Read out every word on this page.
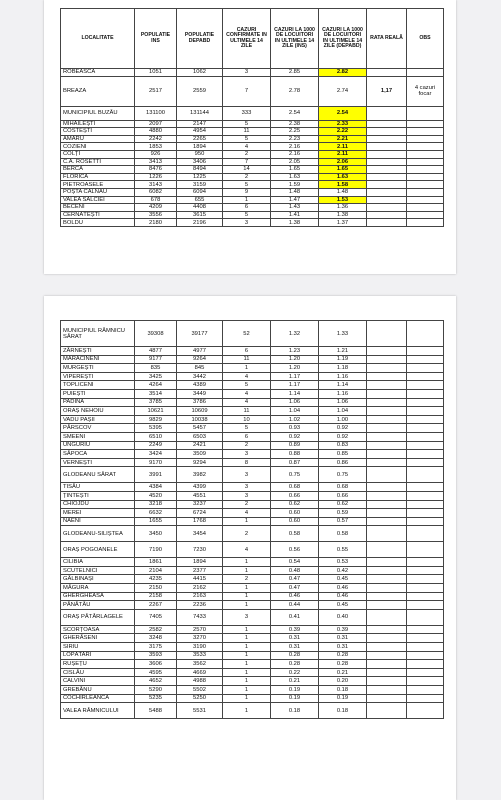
LOCALITATE	POPULATIE INS	POPULATIE DEPABD	CAZURI CONFIRMATE IN ULTIMELE 14 ZILE	CAZURI LA 1000 DE LOCUITORI IN ULTIMELE 14 ZILE (INS)	CAZURI LA 1000 DE LOCUITORI IN ULTIMELE 14 ZILE (DEPABD)	RATA REALĂ	OBS
ROBEASCA	1051	1062	3	2.85	2.82		
BREAZA	2517	2559	7	2.78	2.74	1,17	4 cazuri focar
MUNICIPIUL BUZĂU	131100	131144	333	2.54	2.54		
MIHĂILEȘTI	2097	2147	5	2.38	2.33		
COSTEȘTI	4880	4954	11	2.25	2.22		
AMARU	2242	2265	5	2.23	2.21		
COZIENI	1853	1894	4	2.16	2.11		
COLȚI	926	950	2	2.16	2.11		
C.A. ROSETTI	3413	3406	7	2.05	2.06		
BERCA	8476	8494	14	1.65	1.65		
FLORICA	1226	1225	2	1.63	1.63		
PIETROASELE	3143	3159	5	1.59	1.58		
POȘTA CÂLNĂU	6082	6094	9	1.48	1.48		
VALEA SALCIEI	678	655	1	1.47	1.53		
BECENI	4209	4408	6	1.43	1.36		
CERNĂTEȘTI	3556	3615	5	1.41	1.38		
BOLDU	2180	2196	3	1.38	1.37		
MUNICIPIUL RÂMNICU SĂRAT	39308	39177	52	1.32	1.33		
ZĂRNEȘTI	4877	4977	6	1.23	1.21		
MĂRĂCINENI	9177	9264	11	1.20	1.19		
MURGEȘTI	835	845	1	1.20	1.18		
VIPEREȘTI	3425	3442	4	1.17	1.16		
TOPLICENI	4264	4389	5	1.17	1.14		
PUIEȘTI	3514	3449	4	1.14	1.16		
PADINA	3785	3786	4	1.06	1.06		
ORAȘ NEHOIU	10621	10609	11	1.04	1.04		
VADU PAȘII	9829	10038	10	1.02	1.00		
PÂRSCOV	5395	5457	5	0.93	0.92		
SMEENI	6510	6503	6	0.92	0.92		
UNGURIU	2249	2421	2	0.89	0.83		
SĂPOCA	3424	3509	3	0.88	0.85		
VERNEȘTI	9170	9294	8	0.87	0.86		
GLODEANU SĂRAT	3991	3982	3	0.75	0.75		
TISĂU	4384	4399	3	0.68	0.68		
ȚINTEȘTI	4520	4551	3	0.66	0.66		
CHIOJDU	3218	3237	2	0.62	0.62		
MEREI	6632	6724	4	0.60	0.59		
NĂENI	1655	1768	1	0.60	0.57		
GLODEANU-SILIȘTEA	3450	3454	2	0.58	0.58		
ORAȘ POGOANELE	7190	7230	4	0.56	0.55		
CILIBIA	1861	1894	1	0.54	0.53		
SCUTELNICI	2104	2377	1	0.48	0.42		
GĂLBINAȘI	4235	4415	2	0.47	0.45		
MĂGURA	2150	2162	1	0.47	0.46		
GHERGHEASA	2158	2163	1	0.46	0.46		
PĂNĂTĂU	2267	2236	1	0.44	0.45		
ORAȘ PĂTÂRLAGELE	7405	7433	3	0.41	0.40		
SCORȚOASA	2582	2570	1	0.39	0.39		
GHERĂSENI	3248	3270	1	0.31	0.31		
SIRIU	3175	3190	1	0.31	0.31		
LOPĂTARI	3593	3533	1	0.28	0.28		
RUȘEȚU	3606	3562	1	0.28	0.28		
CISLĂU	4595	4669	1	0.22	0.21		
CALVINI	4652	4988	1	0.21	0.20		
GREBĂNU	5290	5502	1	0.19	0.18		
COCHIRLEANCA	5235	5250	1	0.19	0.19		
VALEA RÂMNICULUI	5488	5531	1	0.18	0.18		
